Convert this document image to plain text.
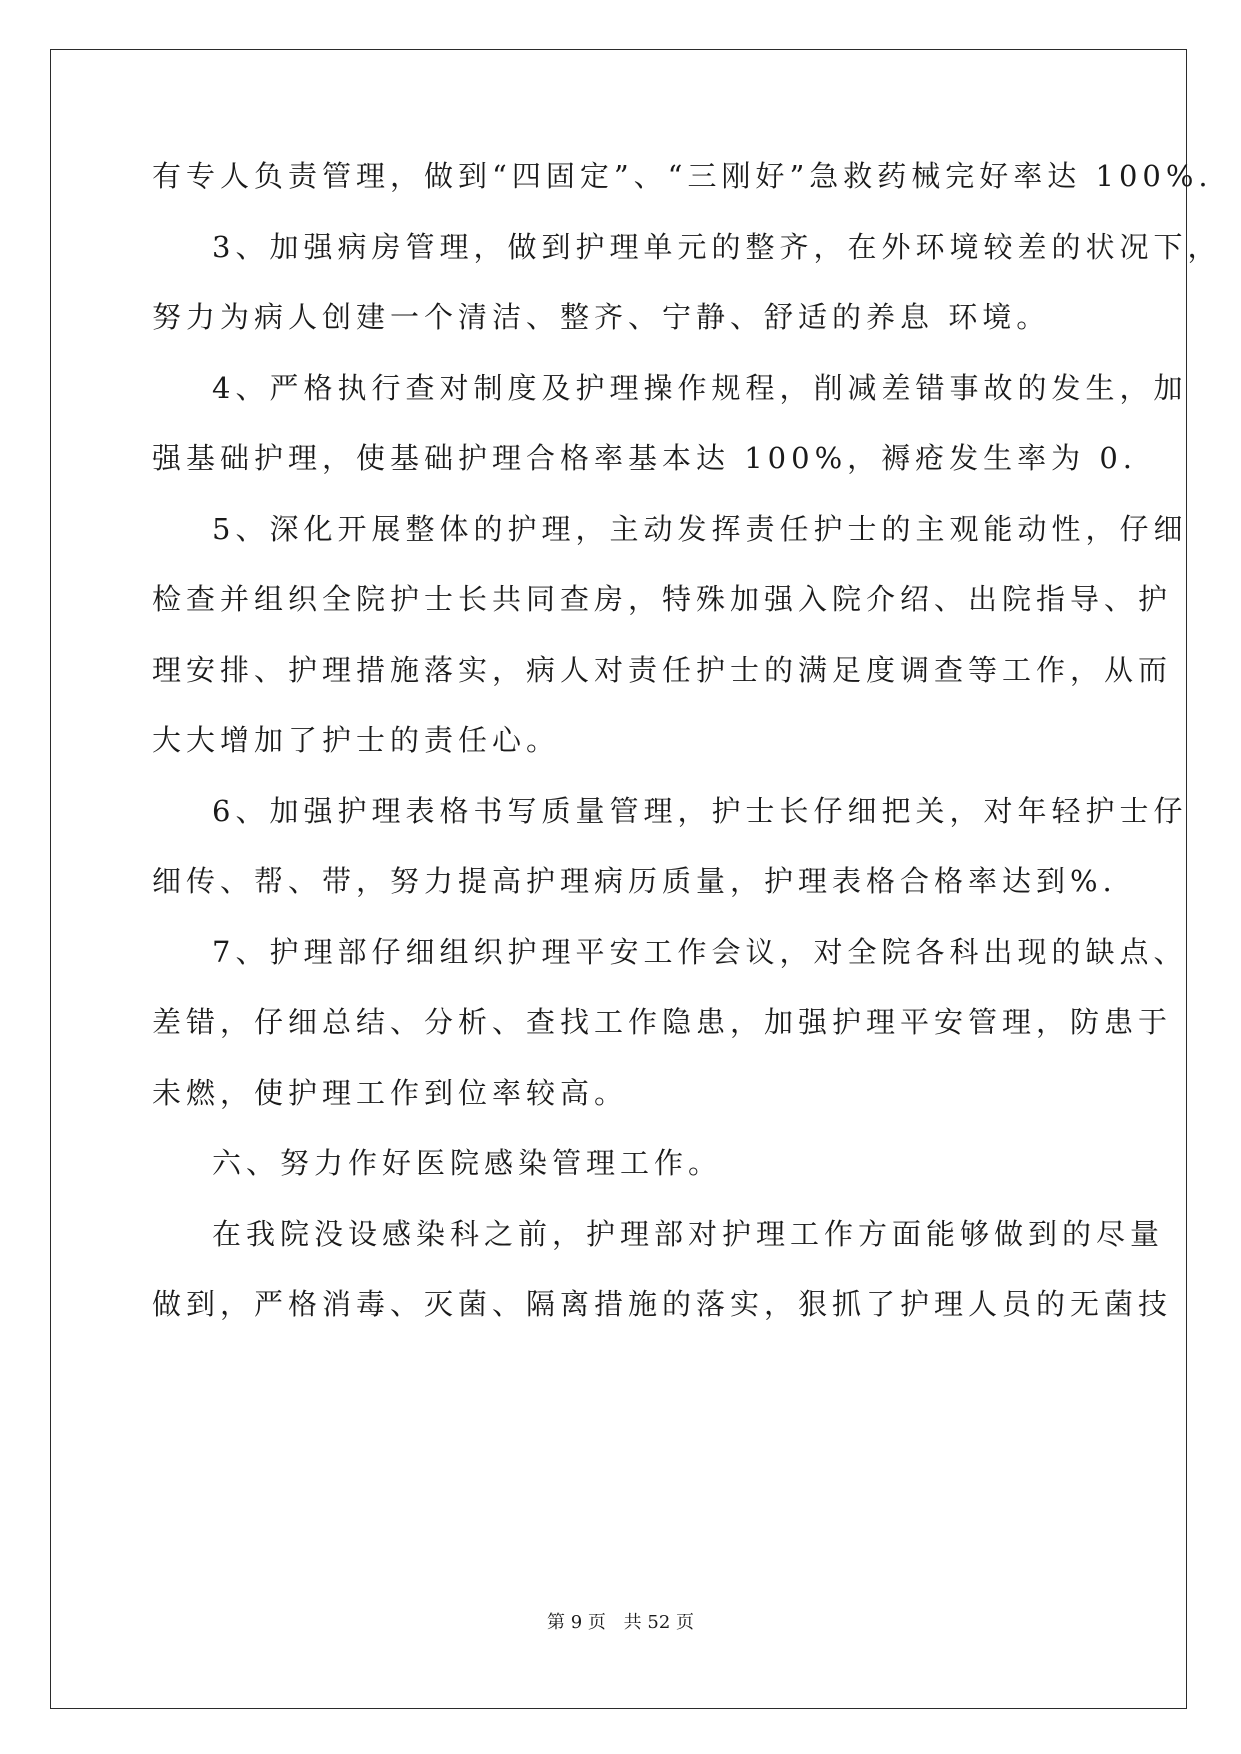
有专人负责管理，做到“四固定”、“三刚好”急救药械完好率达 100%.
3、加强病房管理，做到护理单元的整齐，在外环境较差的状况下，
努力为病人创建一个清洁、整齐、宁静、舒适的养息 环境。
4、严格执行查对制度及护理操作规程，削减差错事故的发生，加
强基础护理，使基础护理合格率基本达 100%，褥疮发生率为 0.
5、深化开展整体的护理，主动发挥责任护士的主观能动性，仔细
检查并组织全院护士长共同查房，特殊加强入院介绍、出院指导、护
理安排、护理措施落实，病人对责任护士的满足度调查等工作，从而
大大增加了护士的责任心。
6、加强护理表格书写质量管理，护士长仔细把关，对年轻护士仔
细传、帮、带，努力提高护理病历质量，护理表格合格率达到%.
7、护理部仔细组织护理平安工作会议，对全院各科出现的缺点、
差错，仔细总结、分析、查找工作隐患，加强护理平安管理，防患于
未燃，使护理工作到位率较高。
六、努力作好医院感染管理工作。
在我院没设感染科之前，护理部对护理工作方面能够做到的尽量
做到，严格消毒、灭菌、隔离措施的落实，狠抓了护理人员的无菌技
第 9 页 共 52 页
